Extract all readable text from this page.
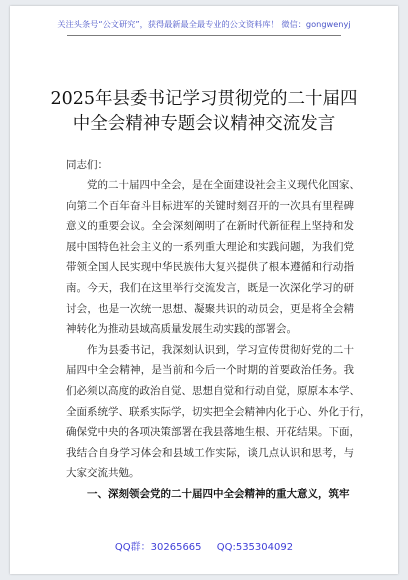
关注头条号“公文研究”，获得最新最全最专业的公文资料库！ 微信：gongwenyj
2025年县委书记学习贯彻党的二十届四
中全会精神专题会议精神交流发言
同志们：
党的二十届四中全会，是在全面建设社会主义现代化国家、
向第二个百年奋斗目标进军的关键时刻召开的一次具有里程碑
意义的重要会议。全会深刻阐明了在新时代新征程上坚持和发
展中国特色社会主义的一系列重大理论和实践问题，为我们党
带领全国人民实现中华民族伟大复兴提供了根本遵循和行动指
南。今天，我们在这里举行交流发言，既是一次深化学习的研
讨会，也是一次统一思想、凝聚共识的动员会，更是将全会精
神转化为推动县域高质量发展生动实践的部署会。
作为县委书记，我深刻认识到，学习宣传贯彻好党的二十
届四中全会精神，是当前和今后一个时期的首要政治任务。我
们必须以高度的政治自觉、思想自觉和行动自觉，原原本本学、
全面系统学、联系实际学，切实把全会精神内化于心、外化于行，
确保党中央的各项决策部署在我县落地生根、开花结果。下面，
我结合自身学习体会和县域工作实际，谈几点认识和思考，与
大家交流共勉。
一、深刻领会党的二十届四中全会精神的重大意义，筑牢
QQ群：30265665 QQ:535304092
